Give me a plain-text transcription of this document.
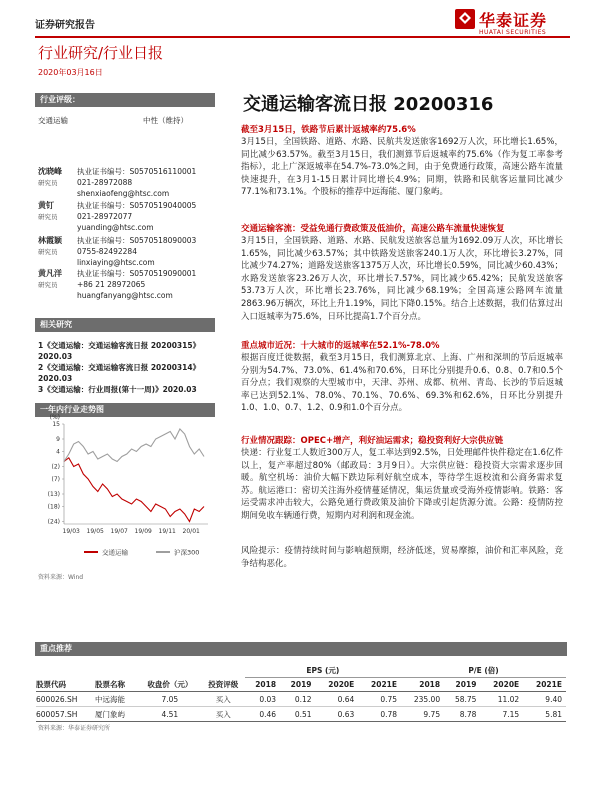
证券研究报告	华泰证券
HUATAI SECURITIES
行业研究/行业日报
2020年03月16日
行业评级：
交通运输	中性（维持）
沈晓峰
研究员
执业证书编号：S0570516110001
021-28972088
shenxiaofeng@htsc.com
黄钉
研究员
执业证书编号：S0570519040005
021-28972077
yuanding@htsc.com
林霞颖
研究员
执业证书编号：S0570518090003
0755-82492284
linxiaying@htsc.com
黄凡洋
研究员
执业证书编号：S0570519090001
+86 21 28972065
huangfanyang@htsc.com
相关研究
1《交通运输：交通运输客流日报 20200315》2020.03
2《交通运输：交通运输客流日报 20200314》2020.03
3《交通运输：行业周报(第十一周)》2020.03
一年内行业走势图
(%)
15
9
4
(2)
(7)
(13)
(18)
(24)
19/03 19/05 19/07 19/09 19/11 20/01
交通运输	沪深300
资料来源：Wind
交通运输客流日报 20200316
截至3月15日，铁路节后累计返城率约75.6%
3月15日，全国铁路、道路、水路、民航共发送旅客1692万人次，环比增长1.65%，同比减少63.57%。截至3月15日，我们测算节后返城率约75.6%（作为复工率参考指标），北上广深返城率在54.7%-73.0%之间，由于免费通行政策，高速公路车流量快速提升，在3月1-15日累计同比增长4.9%；同期，铁路和民航客运量同比减少77.1%和73.1%。个股标的推荐中远海能、厦门象屿。
交通运输客流：受益免通行费政策及低油价，高速公路车流量快速恢复
3月15日，全国铁路、道路、水路、民航发送旅客总量为1692.09万人次，环比增长1.65%，同比减少63.57%；其中铁路发送旅客240.1万人次，环比增长3.27%，同比减少74.27%；道路发送旅客1375万人次，环比增长0.59%，同比减少60.43%；水路发送旅客23.26万人次，环比增长7.57%，同比减少65.42%；民航发送旅客53.73万人次，环比增长23.76%，同比减少68.19%；全国高速公路网车流量2863.96万辆次，环比上升1.19%，同比下降0.15%。结合上述数据，我们估算过出入口返城率为75.6%，日环比提高1.7个百分点。
重点城市近况：十大城市的返城率在52.1%-78.0%
根据百度迁徙数据，截至3月15日，我们测算北京、上海、广州和深圳的节后返城率分别为54.7%、73.0%、61.4%和70.6%，日环比分别提升0.6、0.8、0.7和0.5个百分点；我们观察的大型城市中，天津、苏州、成都、杭州、青岛、长沙的节后返城率已达到52.1%、78.0%、70.1%、70.6%、69.3%和62.6%，日环比分别提升1.0、1.0、0.7、1.2、0.9和1.0个百分点。
行业情况跟踪：OPEC+增产，利好油运需求；稳投资利好大宗供应链
快递：行业复工人数近300万人，复工率达到92.5%，日处理邮件快件稳定在1.6亿件以上，复产率超过80%（邮政局：3月9日）。大宗供应链：稳投资大宗需求逐步回暖。航空机场：油价大幅下跌边际利好航空成本，等待学生返校流和公商务需求复苏。航运港口：密切关注海外疫情蔓延情况，集运货量或受海外疫情影响。铁路：客运受需求冲击较大，公路免通行费政策及油价下降或引起货源分流。公路：疫情防控期间免收车辆通行费，短期内对利润和现金流。
风险提示：疫情持续时间与影响超预期，经济低迷，贸易摩擦，油价和汇率风险，竞争结构恶化。
重点推荐
				EPS (元)				P/E (倍)			
股票代码	股票名称	收盘价（元）	投资评级	2018	2019	2020E	2021E	2018	2019	2020E	2021E
600026.SH	中远海能	7.05	买入	0.03	0.12	0.64	0.75	235.00	58.75	11.02	9.40
600057.SH	厦门象屿	4.51	买入	0.46	0.51	0.63	0.78	9.75	8.78	7.15	5.81
资料来源：华泰证券研究所
